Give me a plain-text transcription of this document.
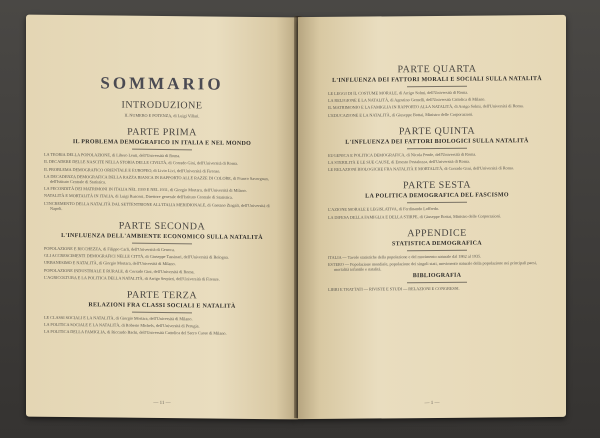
SOMMARIO
INTRODUZIONE
IL NUMERO E POTENZA, di Luigi Villari.
PARTE PRIMA
IL PROBLEMA DEMOGRAFICO IN ITALIA E NEL MONDO
LA TEORIA DELLA POPOLAZIONE, di Libero Lenti, dell'Università di Roma.
IL DECADERE DELLE NASCITE NELLA STORIA DELLE CIVILTÀ, di Corrado Gini, dell'Università di Roma.
IL PROBLEMA DEMOGRAFICO ORIENTALE E EUROPEO, di Livio Livi, dell'Università di Firenze.
LA DECADENZA DEMOGRAFICA DELLA RAZZA BIANCA IN RAPPORTO ALLE RAZZE DI COLORE, di Franco Savorgnan, dell'Istituto Centrale di Statistica.
LA FECONDITÀ DEI MATRIMONI IN ITALIA NEL 1930 E NEL 1931, di Giorgio Mortara, dell'Università di Milano.
NATALITÀ E MORTALITÀ IN ITALIA, di Luigi Rusconi, Direttore generale dell'Istituto Centrale di Statistica.
L'INCREMENTO DELLA NATALITÀ DAL SETTENTRIONE ALL'ITALIA MERIDIONALE, di Gaetano Zingali, dell'Università di Napoli.
PARTE SECONDA
L'INFLUENZA DELL'AMBIENTE ECONOMICO SULLA NATALITÀ
POPOLAZIONE E RICCHEZZA, di Filippo Carli, dell'Università di Genova.
GLI ACCRESCIMENTI DEMOGRAFICI NELLE CITTÀ, di Giuseppe Tassinari, dell'Università di Bologna.
URBANESIMO E NATALITÀ, di Giorgio Mortara, dell'Università di Milano.
POPOLAZIONE INDUSTRIALE E RURALE, di Corrado Gini, dell'Università di Roma.
L'AGRICOLTURA E LA POLITICA DELLA NATALITÀ, di Arrigo Serpieri, dell'Università di Firenze.
PARTE TERZA
RELAZIONI FRA CLASSI SOCIALI E NATALITÀ
LE CLASSI SOCIALI E LA NATALITÀ, di Giorgio Mortara, dell'Università di Milano.
LA POLITICA SOCIALE E LA NATALITÀ, di Roberto Michels, dell'Università di Perugia.
LA POLITICA DELLA FAMIGLIA, di Riccardo Bachi, dell'Università Cattolica del Sacro Cuore di Milano.
— 11 —
PARTE QUARTA
L'INFLUENZA DEI FATTORI MORALI E SOCIALI SULLA NATALITÀ
LE LEGGI DI IL COSTUME MORALE, di Arrigo Solmi, dell'Università di Roma.
LA RELIGIONE E LA NATALITÀ, di Agostino Gemelli, dell'Università Cattolica di Milano.
IL MATRIMONIO E LA FAMIGLIA IN RAPPORTO ALLA NATALITÀ, di Arrigo Solmi, dell'Università di Roma.
L'EDUCAZIONE E LA NATALITÀ, di Giuseppe Bottai, Ministro delle Corporazioni.
PARTE QUINTA
L'INFLUENZA DEI FATTORI BIOLOGICI SULLA NATALITÀ
EUGENICA E POLITICA DEMOGRAFICA, di Nicola Pende, dell'Università di Roma.
LA STERILITÀ E LE SUE CAUSE, di Ernesto Pestalozza, dell'Università di Roma.
LE RELAZIONI BIOLOGICHE FRA NATALITÀ E MORTALITÀ, di Corrado Gini, dell'Università di Roma.
PARTE SESTA
LA POLITICA DEMOGRAFICA DEL FASCISMO
L'AZIONE MORALE E LEGISLATIVA, di Ferdinando Loffredo.
LA DIFESA DELLA FAMIGLIA E DELLA STIRPE, di Giuseppe Bottai, Ministro delle Corporazioni.
APPENDICE
STATISTICA DEMOGRAFICA
ITALIA — Tavole statistiche della popolazione e del movimento naturale dal 1862 al 1935.
ESTERO — Popolazione mondiale, popolazione dei singoli stati, movimento naturale della popolazione nei principali paesi, mortalità infantile e natalità.
BIBLIOGRAFIA
LIBRI E TRATTATI — RIVISTE E STUDI — RELAZIONI E CONGRESSI.
— 1 —
